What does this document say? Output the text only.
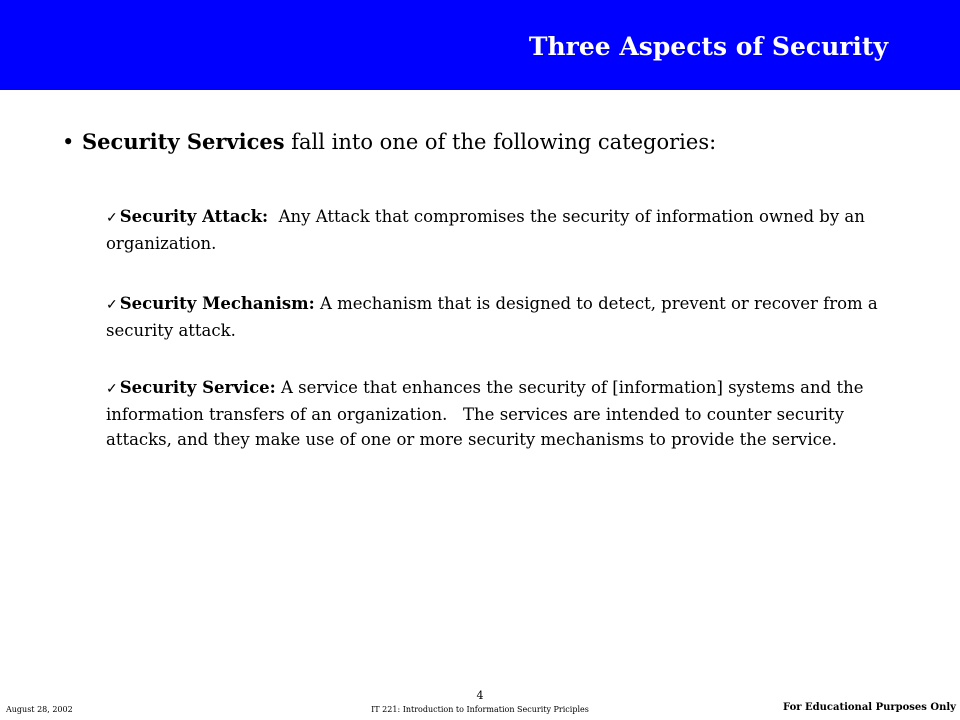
Three Aspects of Security
• Security Services fall into one of the following categories:
✓ Security Attack:  Any Attack that compromises the security of information owned by an organization.
✓ Security Mechanism: A mechanism that is designed to detect, prevent or recover from a security attack.
✓ Security Service: A service that enhances the security of [information] systems and the information transfers of an organization.   The services are intended to counter security attacks, and they make use of one or more security mechanisms to provide the service.
4
August 28, 2002	IT 221: Introduction to Information Security Priciples	For Educational Purposes Only
